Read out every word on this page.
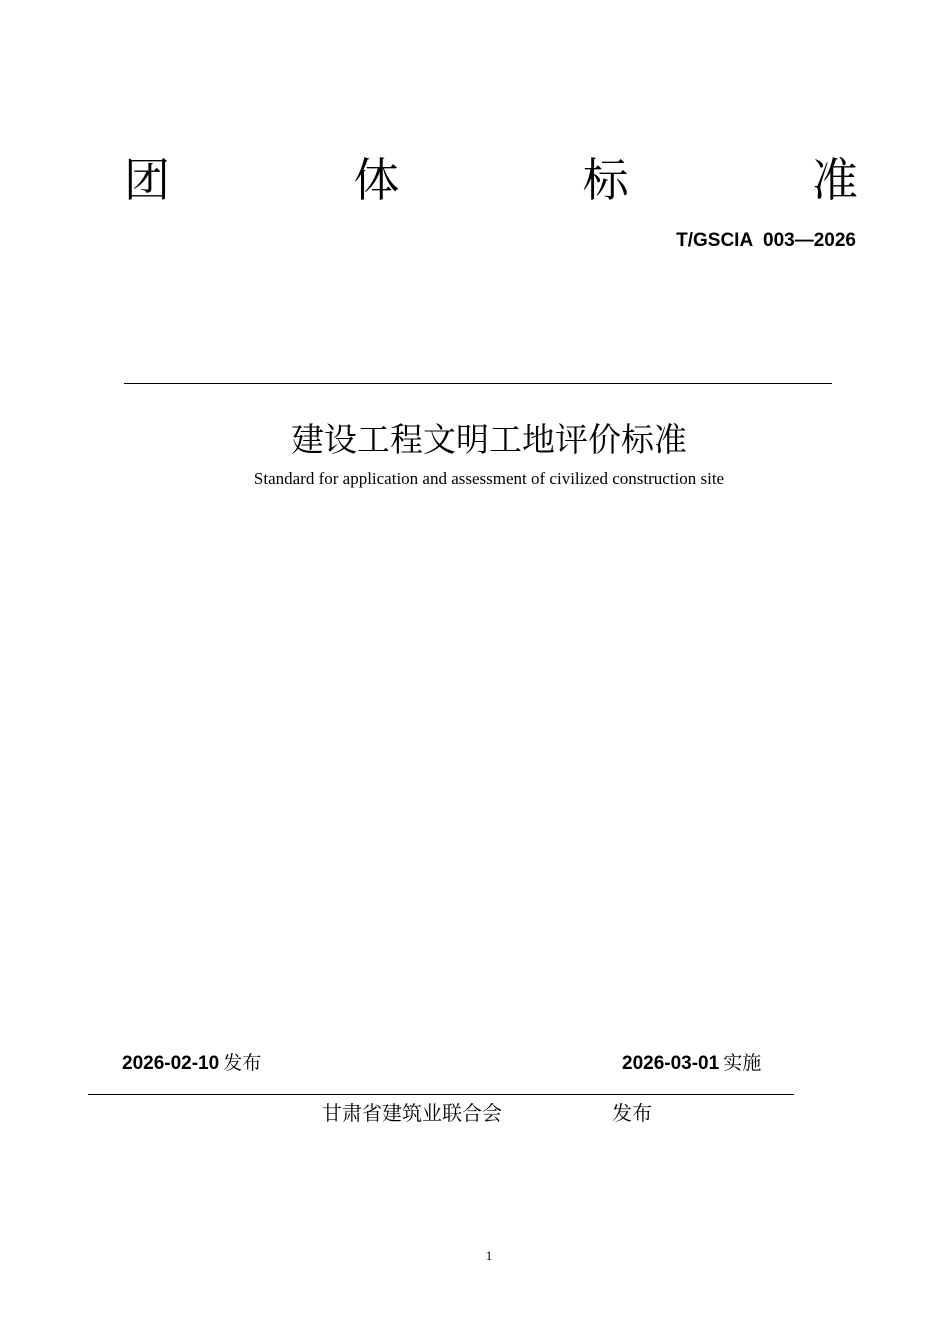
团	体	标	准
T/GSCIA  003—2026
建设工程文明工地评价标准
Standard for application and assessment of civilized construction site
2026-02-10 发布	2026-03-01 实施
甘肃省建筑业联合会	发布
1
